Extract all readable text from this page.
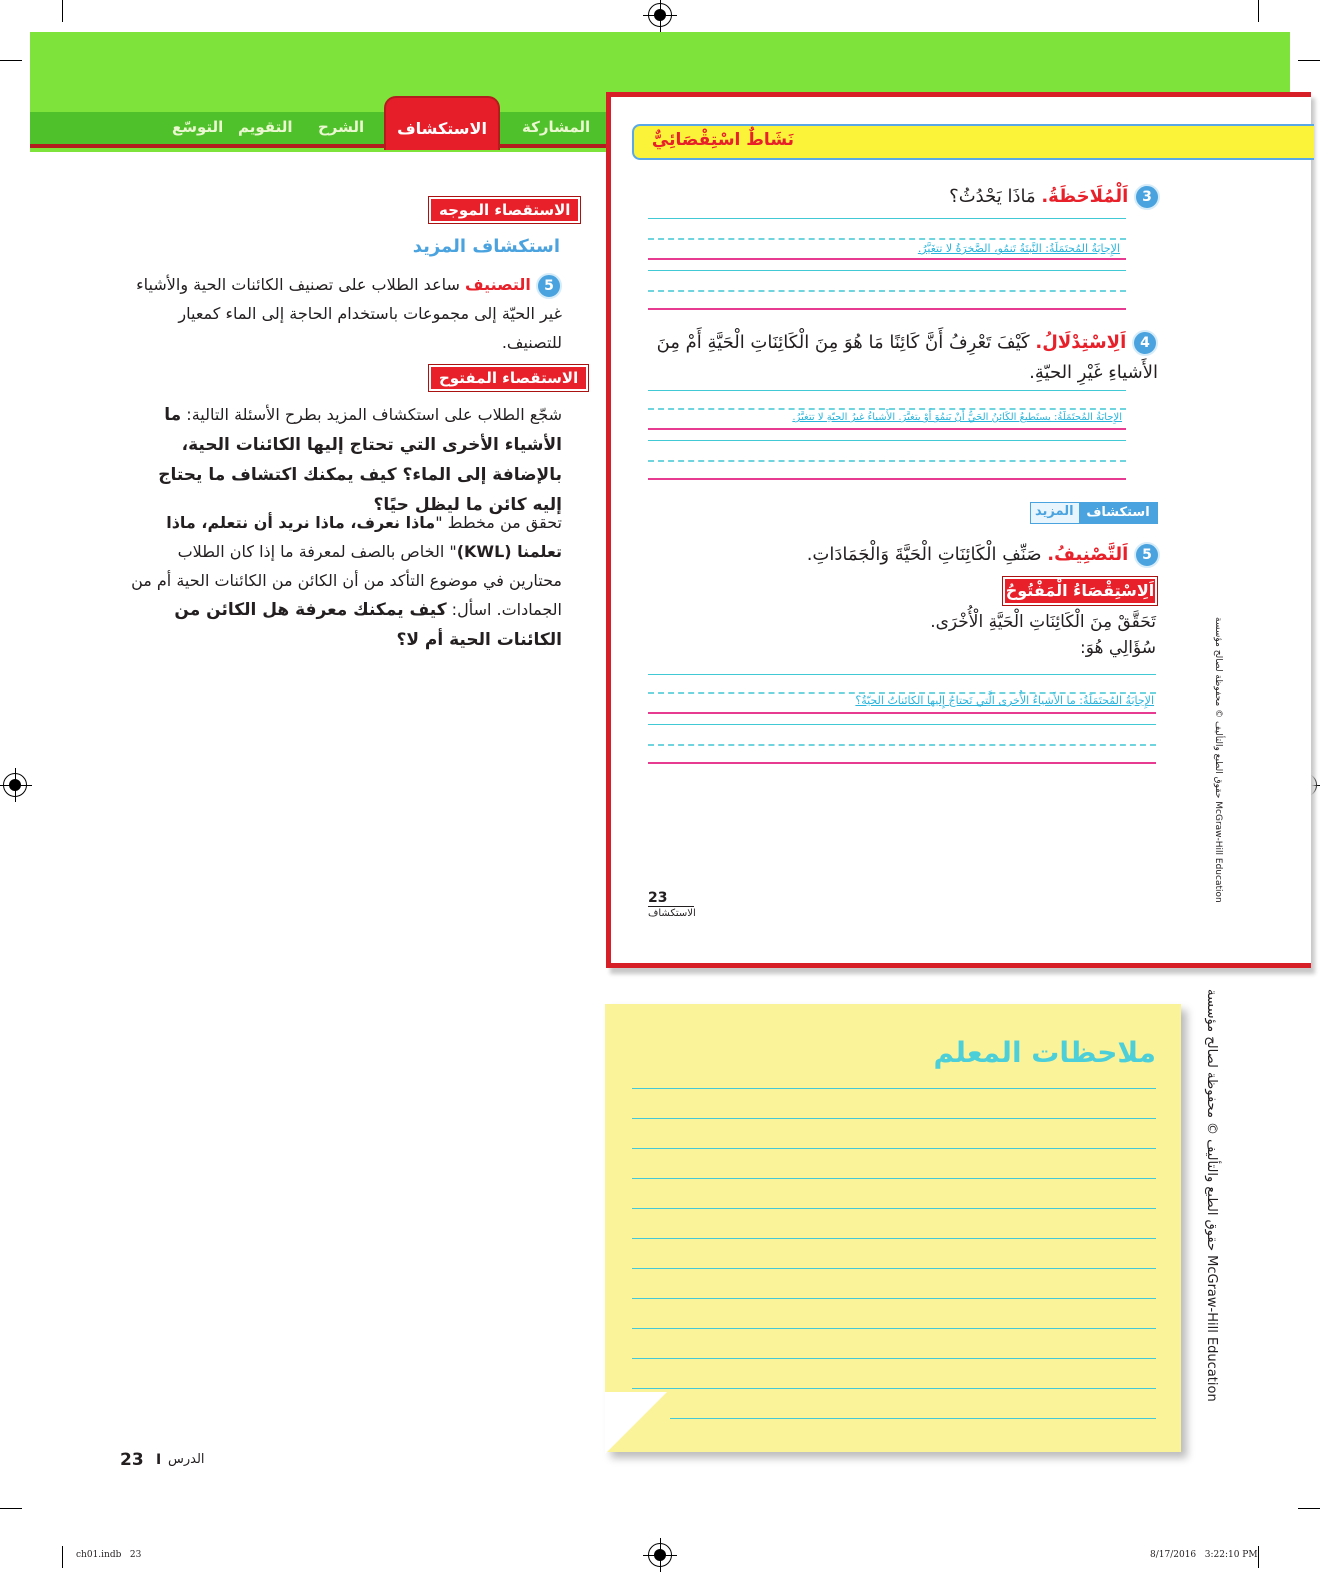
المشاركة
الاستكشاف
الشرح
التقويم
التوسّع
الاستقصاء الموجه
استكشاف المزيد
5 التصنيف ساعد الطلاب على تصنيف الكائنات الحية والأشياء غير الحيّة إلى مجموعات باستخدام الحاجة إلى الماء كمعيار للتصنيف.
الاستقصاء المفتوح
شجّع الطلاب على استكشاف المزيد بطرح الأسئلة التالية: ما الأشياء الأخرى التي تحتاج إليها الكائنات الحية، بالإضافة إلى الماء؟ كيف يمكنك اكتشاف ما يحتاج إليه كائن ما ليظل حيًا؟
تحقق من مخطط "ماذا نعرف، ماذا نريد أن نتعلم، ماذا تعلمنا (KWL)" الخاص بالصف لمعرفة ما إذا كان الطلاب محتارين في موضوع التأكد من أن الكائن من الكائنات الحية أم من الجمادات. اسأل: كيف يمكنك معرفة هل الكائن من الكائنات الحية أم لا؟
نَشَاطٌ اسْتِقْصَائِيٌّ
3 اَلْمُلَاحَظَةُ. مَاذَا يَحْدُثُ؟
الإِجابَةُ المُحتَمَلَةُ: النَّبتَةُ تَنمُو، الصَّخرَةُ لا تتغَيَّرُ.
4 اَلِاسْتِدْلَالُ. كَيْفَ تَعْرِفُ أَنَّ كَائِنًا مَا هُوَ مِنَ الْكَائِنَاتِ الْحَيَّةِ أَمْ مِنَ الأَشياءِ غَيْرِ الحيّةِ.
الإِجابَةُ المُحتَمَلَةُ: يستَطيعُ الكَائنُ الحَيُّ أَنْ يَنمُوَ أَوْ يتغيَّرَ. الأَشياءُ غيرُ الحيّةِ لا تتغيَّرُ.
استكشاف
المزيد
5 اَلتَّصْنِيفُ. صَنِّفِ الْكَائِنَاتِ الْحَيَّةَ وَالْجَمَادَاتِ.
اَلِاسْتِقْصَاءُ الْمَفْتُوحُ
تَحَقَّقْ مِنَ الْكَائِنَاتِ الْحَيَّةِ الْأُخْرَى.
سُؤَالِي هُوَ:
الإِجابَةُ المُحتَمَلَةُ: ما الأَشياءُ الأُخرى الَّتي تَحتاجُ إِليها الكائناتُ الحيّةُ؟
23
الاستكشاف
حقوق الطبع والتأليف © محفوظة لصالح مؤسسة McGraw-Hill Education
ملاحظات المعلم	حقوق الطبع والتأليف © محفوظة لصالح مؤسسة McGraw-Hill Education
23 I الدرس
ch01.indb   23	8/17/2016   3:22:10 PM
